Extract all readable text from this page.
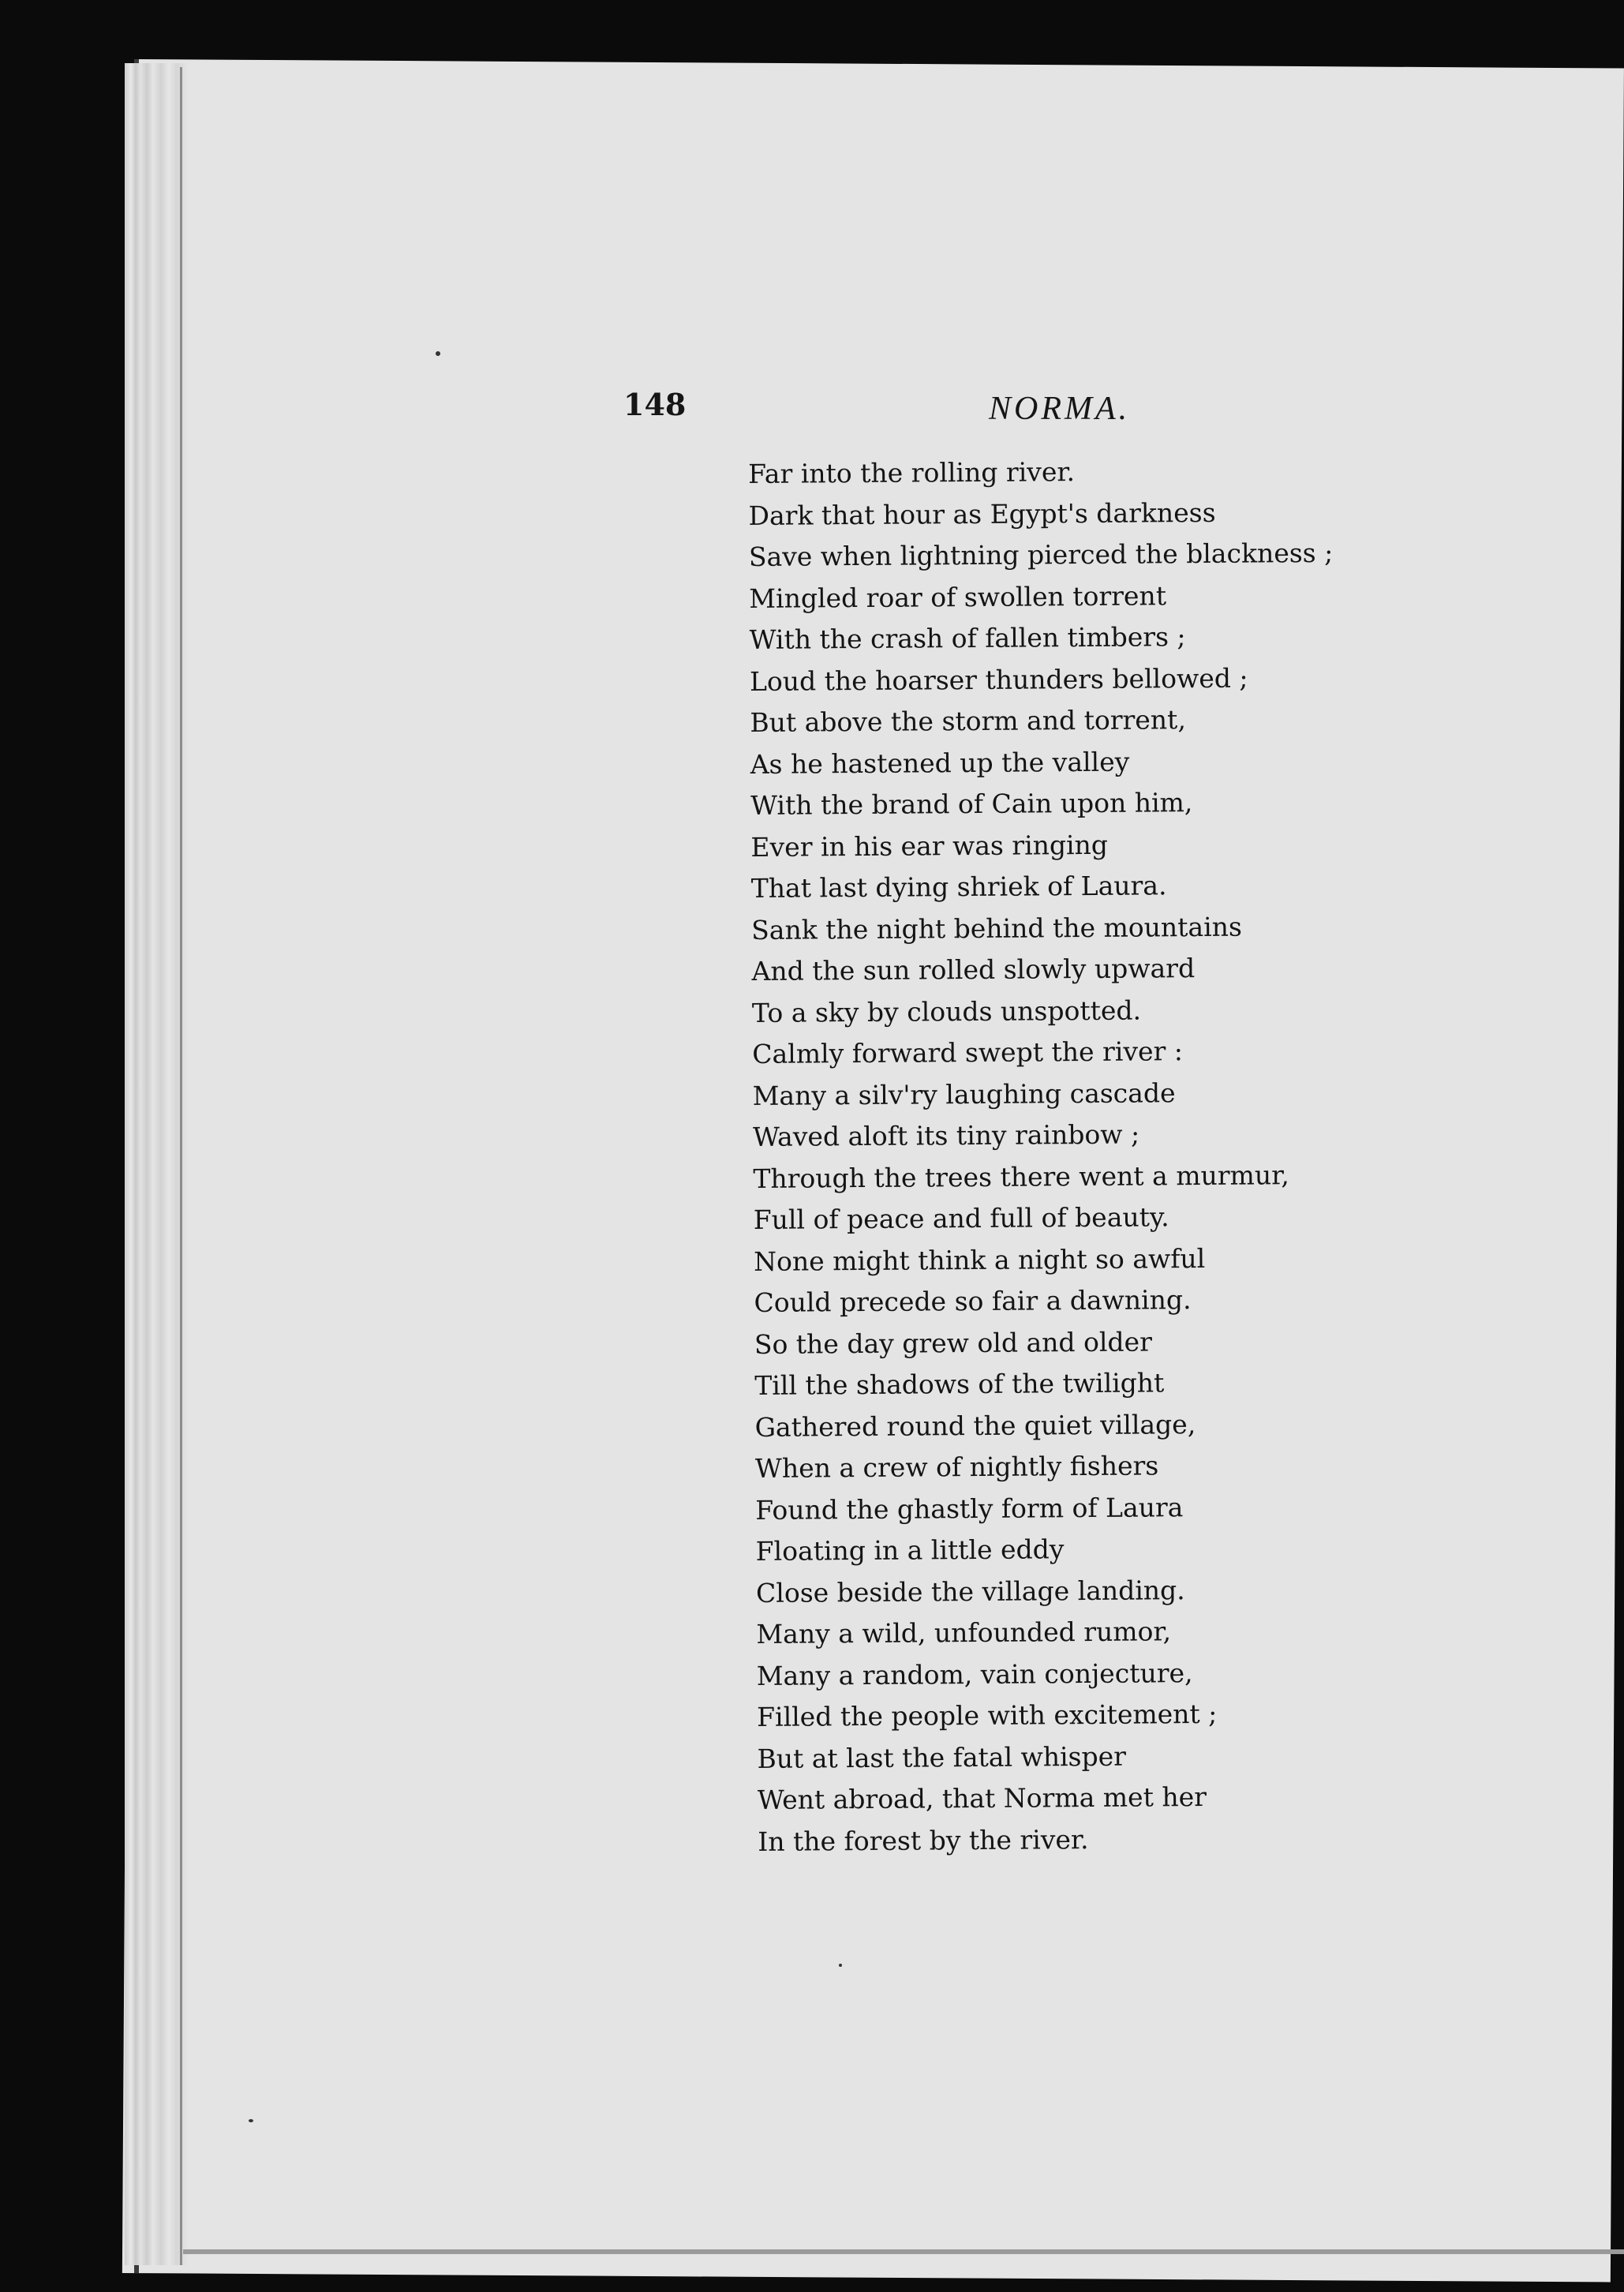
148	NORMA.
Far into the rolling river.
Dark that hour as Egypt's darkness
Save when lightning pierced the blackness ;
Mingled roar of swollen torrent
With the crash of fallen timbers ;
Loud the hoarser thunders bellowed ;
But above the storm and torrent,
As he hastened up the valley
With the brand of Cain upon him,
Ever in his ear was ringing
That last dying shriek of Laura.
Sank the night behind the mountains
And the sun rolled slowly upward
To a sky by clouds unspotted.
Calmly forward swept the river :
Many a silv'ry laughing cascade
Waved aloft its tiny rainbow ;
Through the trees there went a murmur,
Full of peace and full of beauty.
None might think a night so awful
Could precede so fair a dawning.
So the day grew old and older
Till the shadows of the twilight
Gathered round the quiet village,
When a crew of nightly fishers
Found the ghastly form of Laura
Floating in a little eddy
Close beside the village landing.
Many a wild, unfounded rumor,
Many a random, vain conjecture,
Filled the people with excitement ;
But at last the fatal whisper
Went abroad, that Norma met her
In the forest by the river.
